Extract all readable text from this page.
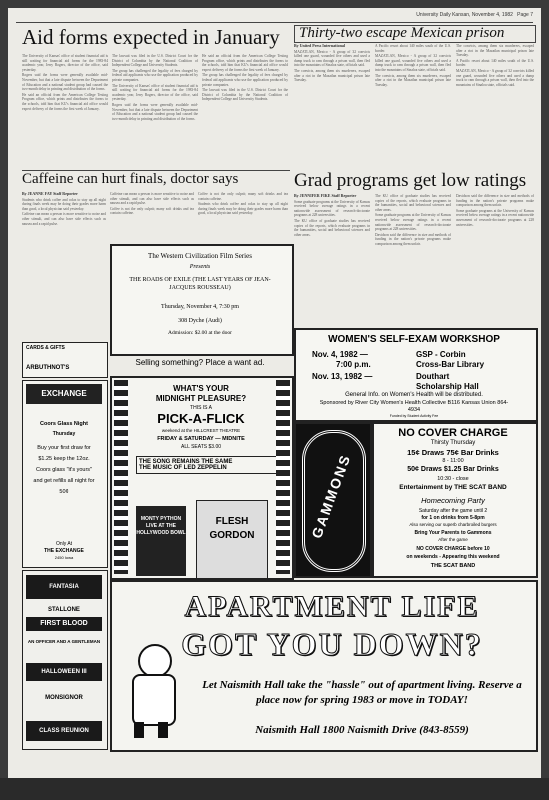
University Daily Kansan, November 4, 1982 Page 7
Aid forms expected in January

The University of Kansas' office of student financial aid is still waiting for financial aid forms for the 1983-84 academic year, Jerry Rogers, director of the office, said yesterday.

Rogers said the forms were generally available mid-November, but that a late dispute between the Department of Education and a national student group had caused the two-month delay in printing and distribution of the forms.

He said an official from the American College Testing Program office, which prints and distributes the forms to the schools, told him that KU's financial aid office would expect delivery of the forms the first week of January.

The lawsuit was filed in the U.S. District Court for the District of Columbia by the National Coalition of Independent College and University Students.

The group has challenged the legality of fees charged by federal aid applicants who use the application produced by private companies.

The University of Kansas' office of student financial aid is still waiting for financial aid forms for the 1983-84 academic year, Jerry Rogers, director of the office, said yesterday.

Rogers said the forms were generally available mid-November, but that a late dispute between the Department of Education and a national student group had caused the two-month delay in printing and distribution of the forms.

He said an official from the American College Testing Program office, which prints and distributes the forms to the schools, told him that KU's financial aid office would expect delivery of the forms the first week of January.

The group has challenged the legality of fees charged by federal aid applicants who use the application produced by private companies.

The lawsuit was filed in the U.S. District Court for the District of Columbia by the National Coalition of Independent College and University Students.

Thirty-two escape Mexican prison

By United Press International

MAZATLAN, Mexico - A group of 32 convicts killed one guard, wounded five others and used a dump truck to ram through a prison wall, then fled into the mountains of Sinaloa state, officials said.

The convicts, among them six murderers, escaped after a riot in the Mazatlan municipal prison late Tuesday.

A Pacific resort about 140 miles south of the U.S. border.

MAZATLAN, Mexico - A group of 32 convicts killed one guard, wounded five others and used a dump truck to ram through a prison wall, then fled into the mountains of Sinaloa state, officials said.

The convicts, among them six murderers, escaped after a riot in the Mazatlan municipal prison late Tuesday.

The convicts, among them six murderers, escaped after a riot in the Mazatlan municipal prison late Tuesday.

A Pacific resort about 140 miles south of the U.S. border.

MAZATLAN, Mexico - A group of 32 convicts killed one guard, wounded five others and used a dump truck to ram through a prison wall, then fled into the mountains of Sinaloa state, officials said.

Caffeine can hurt finals, doctor says

By JEANNE FAY Staff Reporter

Students who drink coffee and colas to stay up all night during finals week may be doing their grades more harm than good, a local physician said yesterday.

Caffeine can mean a person is more sensitive to noise and other stimuli, and can also have side effects such as nausea and a rapid pulse.

Caffeine can mean a person is more sensitive to noise and other stimuli, and can also have side effects such as nausea and a rapid pulse.

Coffee is not the only culprit; many soft drinks and tea contain caffeine.

Coffee is not the only culprit; many soft drinks and tea contain caffeine.

Students who drink coffee and colas to stay up all night during finals week may be doing their grades more harm than good, a local physician said yesterday.

Grad programs get low ratings

By JENNIFER FIKE Staff Reporter

Some graduate programs at the University of Kansas received below average ratings in a recent nationwide assessment of research-doctorate programs at 228 universities.

The KU office of graduate studies has received copies of the reports, which evaluate programs in the humanities, social and behavioral sciences and other areas.

The KU office of graduate studies has received copies of the reports, which evaluate programs in the humanities, social and behavioral sciences and other areas.

Some graduate programs at the University of Kansas received below average ratings in a recent nationwide assessment of research-doctorate programs at 228 universities.

Davidson said the difference in size and methods of funding in the nation's private programs make comparison among them unfair.

Davidson said the difference in size and methods of funding in the nation's private programs make comparison among them unfair.

Some graduate programs at the University of Kansas received below average ratings in a recent nationwide assessment of research-doctorate programs at 228 universities.

CARDS & GIFTS
ARBUTHNOT'S
EXCHANGE
Coors Glass Night
Thursday
Buy your first draw for $1.25 keep the 12oz. Coors glass "it's yours" and get refills all night for 50¢
Only At
THE EXCHANGE
2450 Iowa
FANTASIA
STALLONE
FIRST BLOOD
AN OFFICER AND A GENTLEMAN
HALLOWEEN III
MONSIGNOR
CLASS REUNION
The Western Civilization Film Series
Presents
THE ROADS OF EXILE (THE LAST YEARS OF JEAN-JACQUES ROUSSEAU)
Thursday, November 4, 7:30 pm
308 Dyche (Audi)
Admission: $2.00 at the door
Selling something? Place a want ad.
WHAT'S YOUR
MIDNIGHT PLEASURE?
THIS IS A
PICK-A-FLICK
weekend at the HILLCREST THEATRE
FRIDAY & SATURDAY — MIDNITE
ALL SEATS $3.00
THE SONG REMAINS THE SAME
THE MUSIC OF LED ZEPPELIN
MONTY PYTHON LIVE AT THE HOLLYWOOD BOWL
FLESH GORDON
WOMEN'S SELF-EXAM WORKSHOP
Nov. 4, 1982 —
7:00 p.m.
GSP - Corbin
Cross-Bar Library
Nov. 13, 1982 —	Douthart
Scholarship Hall
General Info. on Women's Health will be distributed.
Sponsored by River City Women's Health Collective B116 Kansas Union 864-4934
Funded by Student Activity Fee
GAMMONS
NO COVER CHARGE
Thirsty Thursday
15¢ Draws 75¢ Bar Drinks
8 - 11:00
50¢ Draws $1.25 Bar Drinks
10:30 - close
Entertainment by THE SCAT BAND
Homecoming Party
Saturday after the game until 2
for 1 on drinks from 5-8pm
Also serving our superb charbroiled burgers
Bring Your Parents to Gammons
After the game
NO COVER CHARGE before 10
on weekends - Appearing this weekend
THE SCAT BAND
APARTMENT LIFE
GOT YOU DOWN?
Let Naismith Hall take the "hassle" out of apartment living. Reserve a place now for spring 1983 or move in TODAY!
Naismith Hall 1800 Naismith Drive (843-8559)
